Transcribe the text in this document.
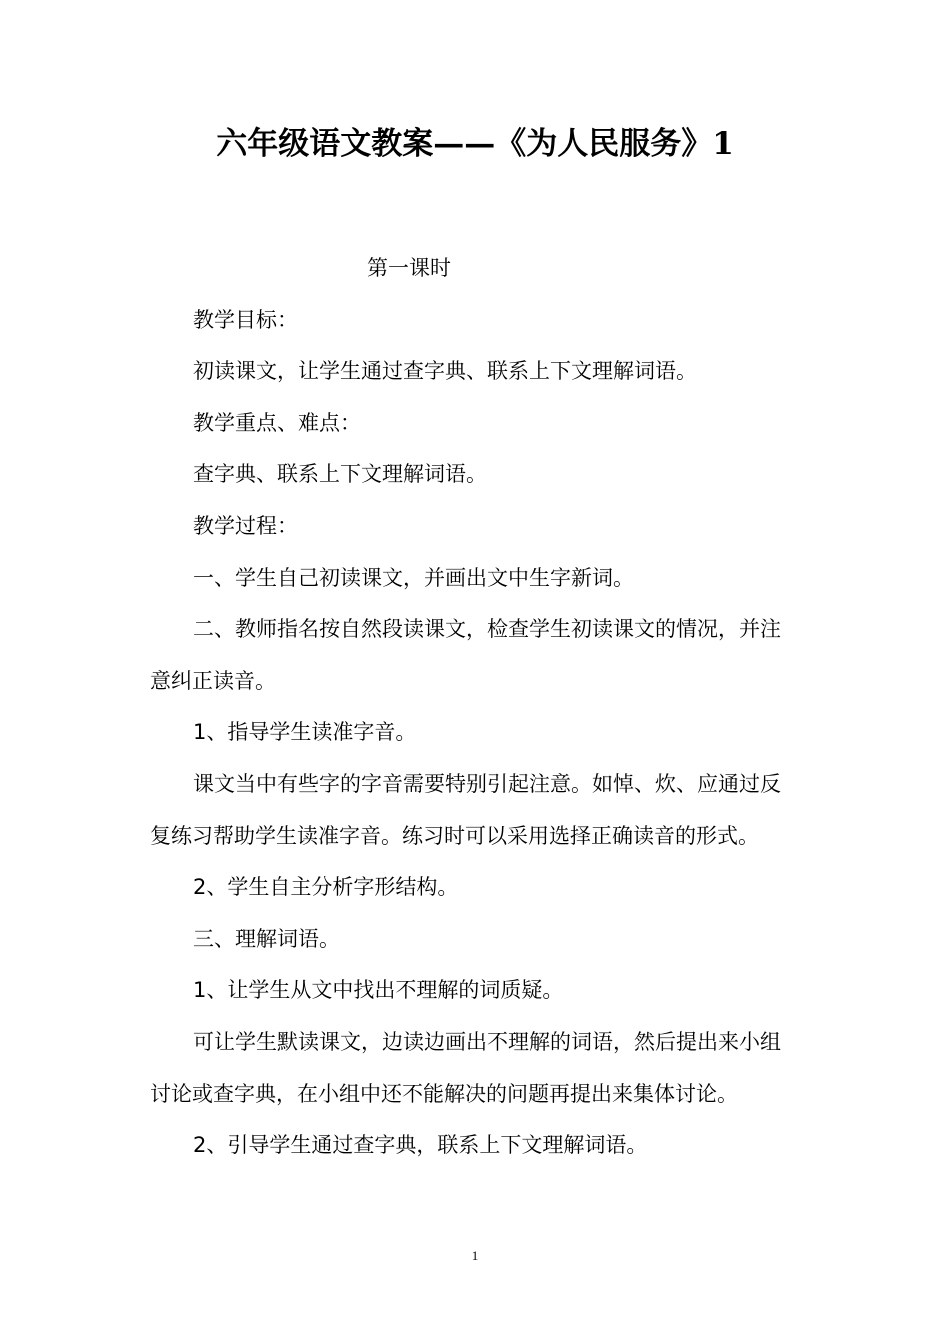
六年级语文教案——《为人民服务》1

第一课时

教学目标：

初读课文，让学生通过查字典、联系上下文理解词语。

教学重点、难点：

查字典、联系上下文理解词语。

教学过程：

一、学生自己初读课文，并画出文中生字新词。

二、教师指名按自然段读课文，检查学生初读课文的情况，并注意纠正读音。

1、指导学生读准字音。

课文当中有些字的字音需要特别引起注意。如悼、炊、应通过反复练习帮助学生读准字音。练习时可以采用选择正确读音的形式。

2、学生自主分析字形结构。

三、理解词语。

1、让学生从文中找出不理解的词质疑。

可让学生默读课文，边读边画出不理解的词语，然后提出来小组讨论或查字典，在小组中还不能解决的问题再提出来集体讨论。

2、引导学生通过查字典，联系上下文理解词语。

1
